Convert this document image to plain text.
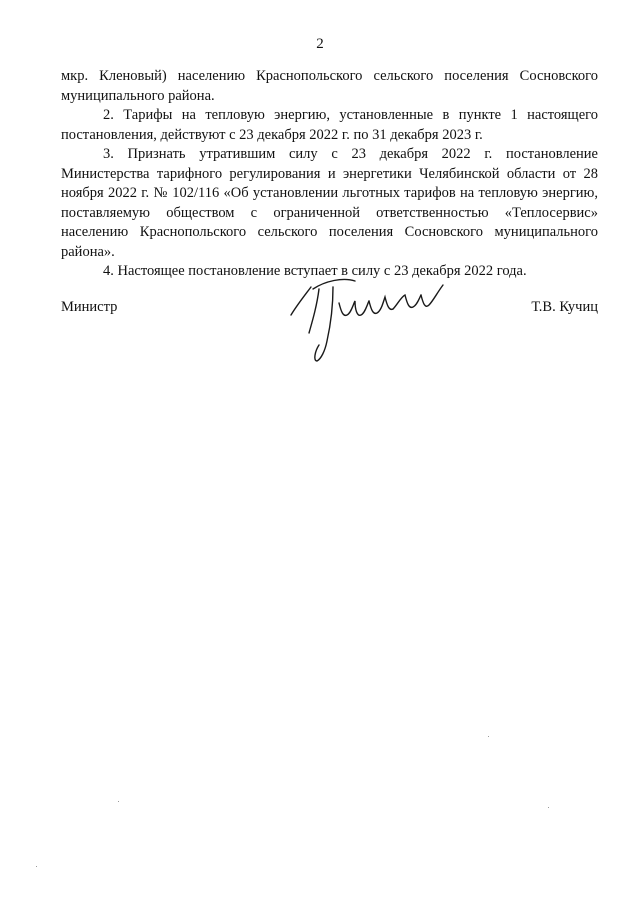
2

мкр. Кленовый) населению Краснопольского сельского поселения Сосновского муниципального района.

2. Тарифы на тепловую энергию, установленные в пункте 1 настоящего постановления, действуют с 23 декабря 2022 г. по 31 декабря 2023 г.

3. Признать утратившим силу с 23 декабря 2022 г. постановление Министерства тарифного регулирования и энергетики Челябинской области от 28 ноября 2022 г. № 102/116 «Об установлении льготных тарифов на тепловую энергию, поставляемую обществом с ограниченной ответственностью «Теплосервис» населению Краснопольского сельского поселения Сосновского муниципального района».

4. Настоящее постановление вступает в силу с 23 декабря 2022 года.

Министр	Т.В. Кучиц
